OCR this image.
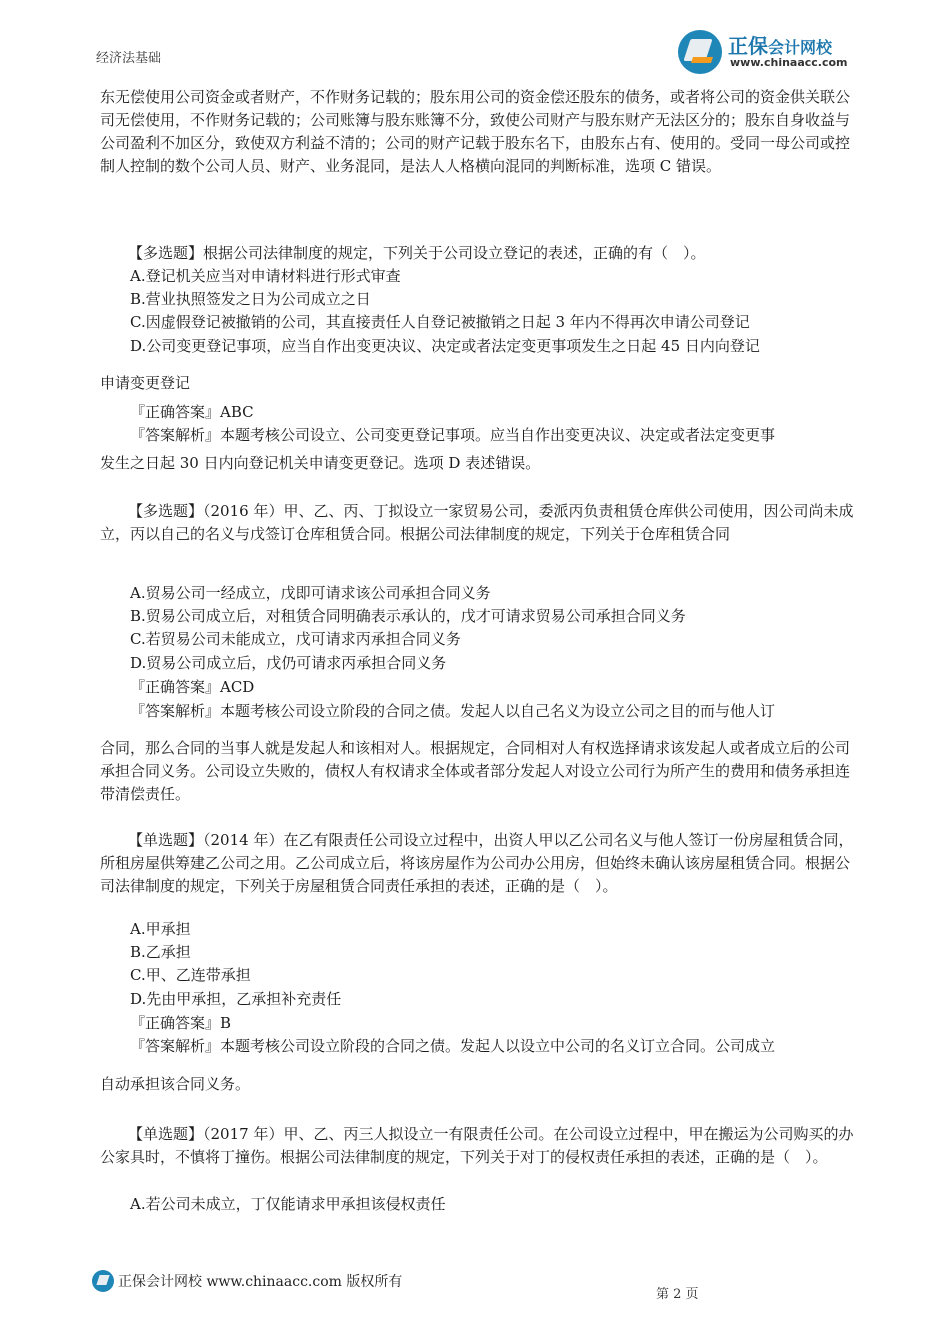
经济法基础
正保会计网校
www.chinaacc.com
东无偿使用公司资金或者财产，不作财务记载的；股东用公司的资金偿还股东的债务，或者将公司的资金供关联公司无偿使用，不作财务记载的；公司账簿与股东账簿不分，致使公司财产与股东财产无法区分的；股东自身收益与公司盈利不加区分，致使双方利益不清的；公司的财产记载于股东名下，由股东占有、使用的。受同一母公司或控制人控制的数个公司人员、财产、业务混同，是法人人格横向混同的判断标准，选项 C 错误。
【多选题】根据公司法律制度的规定，下列关于公司设立登记的表述，正确的有（　）。
A.登记机关应当对申请材料进行形式审查
B.营业执照签发之日为公司成立之日
C.因虚假登记被撤销的公司，其直接责任人自登记被撤销之日起 3 年内不得再次申请公司登记
D.公司变更登记事项，应当自作出变更决议、决定或者法定变更事项发生之日起 45 日内向登记
申请变更登记
『正确答案』ABC
『答案解析』本题考核公司设立、公司变更登记事项。应当自作出变更决议、决定或者法定变更事
发生之日起 30 日内向登记机关申请变更登记。选项 D 表述错误。
【多选题】（2016 年）甲、乙、丙、丁拟设立一家贸易公司，委派丙负责租赁仓库供公司使用，因公司尚未成立，丙以自己的名义与戊签订仓库租赁合同。根据公司法律制度的规定，下列关于仓库租赁合同
A.贸易公司一经成立，戊即可请求该公司承担合同义务
B.贸易公司成立后，对租赁合同明确表示承认的，戊才可请求贸易公司承担合同义务
C.若贸易公司未能成立，戊可请求丙承担合同义务
D.贸易公司成立后，戊仍可请求丙承担合同义务
『正确答案』ACD
『答案解析』本题考核公司设立阶段的合同之债。发起人以自己名义为设立公司之目的而与他人订
合同，那么合同的当事人就是发起人和该相对人。根据规定，合同相对人有权选择请求该发起人或者成立后的公司承担合同义务。公司设立失败的，债权人有权请求全体或者部分发起人对设立公司行为所产生的费用和债务承担连带清偿责任。
【单选题】（2014 年）在乙有限责任公司设立过程中，出资人甲以乙公司名义与他人签订一份房屋租赁合同，所租房屋供筹建乙公司之用。乙公司成立后，将该房屋作为公司办公用房，但始终未确认该房屋租赁合同。根据公司法律制度的规定，下列关于房屋租赁合同责任承担的表述，正确的是（　）。
A.甲承担
B.乙承担
C.甲、乙连带承担
D.先由甲承担，乙承担补充责任
『正确答案』B
『答案解析』本题考核公司设立阶段的合同之债。发起人以设立中公司的名义订立合同。公司成立
自动承担该合同义务。
【单选题】（2017 年）甲、乙、丙三人拟设立一有限责任公司。在公司设立过程中，甲在搬运为公司购买的办公家具时，不慎将丁撞伤。根据公司法律制度的规定，下列关于对丁的侵权责任承担的表述，正确的是（　）。
A.若公司未成立，丁仅能请求甲承担该侵权责任
正保会计网校 www.chinaacc.com 版权所有
第 2 页
